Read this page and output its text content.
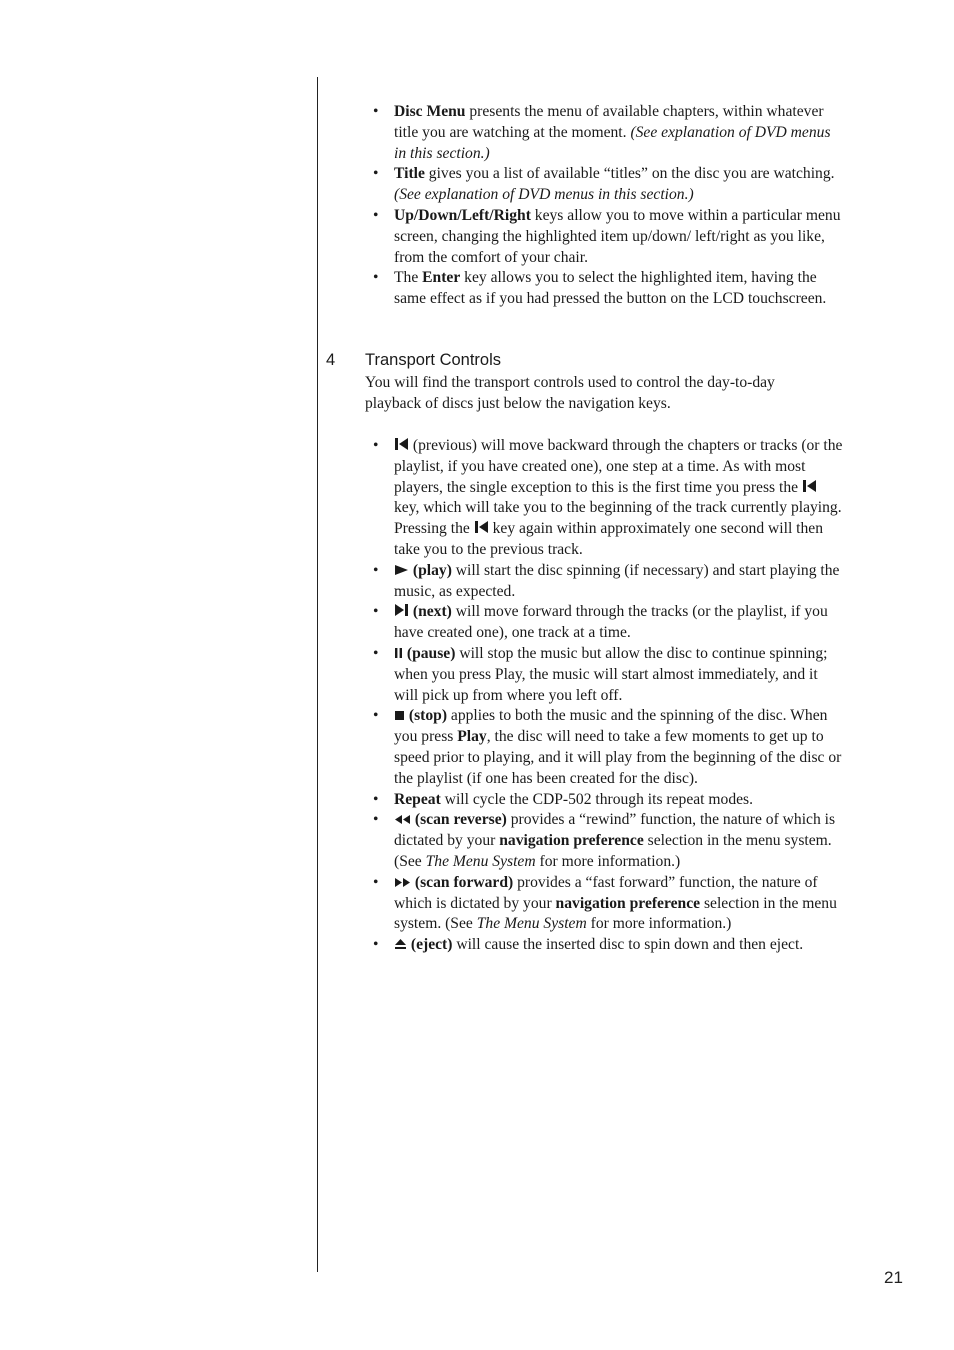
• Disc Menu presents the menu of available chapters, within whatever title you are watching at the moment. (See explanation of DVD menus in this section.)
• Title gives you a list of available “titles” on the disc you are watching. (See explanation of DVD menus in this section.)
• Up/Down/Left/Right keys allow you to move within a particular menu screen, changing the highlighted item up/down/ left/right as you like, from the comfort of your chair.
• The Enter key allows you to select the highlighted item, having the same effect as if you had pressed the button on the LCD touchscreen.
4 Transport Controls
You will find the transport controls used to control the day-to-day playback of discs just below the navigation keys.
• (previous) will move backward through the chapters or tracks (or the playlist, if you have created one), one step at a time. As with most players, the single exception to this is the first time you press the
key, which will take you to the beginning of the track currently playing. Pressing the
key again within approximately one second will then take you to the previous track.
• (play) will start the disc spinning (if necessary) and start playing the music, as expected.
• (next) will move forward through the tracks (or the playlist, if you have created one), one track at a time.
• (pause) will stop the music but allow the disc to continue spinning; when you press Play, the music will start almost immediately, and it will pick up from where you left off.
• (stop) applies to both the music and the spinning of the disc. When you press Play, the disc will need to take a few moments to get up to speed prior to playing, and it will play from the beginning of the disc or the playlist (if one has been created for the disc).
• Repeat will cycle the CDP-502 through its repeat modes.
• (scan reverse) provides a “rewind” function, the nature of which is dictated by your navigation preference selection in the menu system. (See The Menu System for more information.)
• (scan forward) provides a “fast forward” function, the nature of which is dictated by your navigation preference selection in the menu system. (See The Menu System for more information.)
• (eject) will cause the inserted disc to spin down and then eject.
21
